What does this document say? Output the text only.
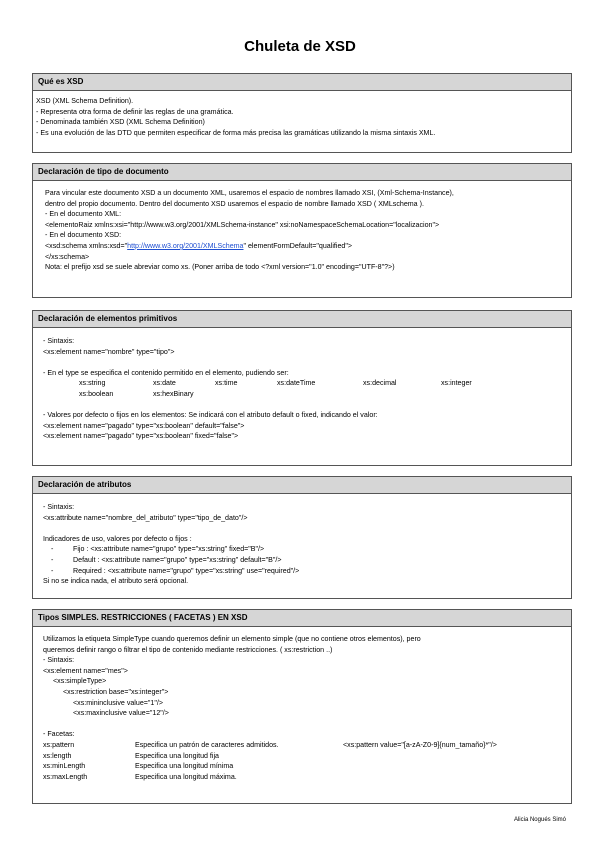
Chuleta de XSD
Qué es XSD
XSD (XML Schema Definition).
- Representa otra forma de definir las reglas de una gramática.
- Denominada también XSD (XML Schema Definition)
- Es una evolución de las DTD que permiten especificar de forma más precisa las gramáticas utilizando la misma sintaxis XML.
Declaración de tipo de documento
Para vincular este documento XSD a un documento XML, usaremos el espacio de nombres llamado XSI, (Xml-Schema-Instance),
dentro del propio documento. Dentro del documento XSD usaremos el espacio de nombre llamado XSD ( XMLschema ).
- En el documento XML:
<elementoRaiz xmlns:xsi="http://www.w3.org/2001/XMLSchema-instance" xsi:noNamespaceSchemaLocation="localizacion">
- En el documento XSD:
<xsd:schema xmlns:xsd="http://www.w3.org/2001/XMLSchema" elementFormDefault="qualified">
</xs:schema>
Nota: el prefijo xsd se suele abreviar como xs. (Poner arriba de todo <?xml version="1.0" encoding="UTF-8"?>)
Declaración de elementos primitivos
- Sintaxis:
<xs:element name="nombre" type="tipo">
- En el type se especifica el contenido permitido en el elemento, pudiendo ser:
xs:string	xs:date	xs:time	xs:dateTime	xs:decimal	xs:integer
xs:boolean	xs:hexBinary
- Valores por defecto o fijos en los elementos: Se indicará con el atributo default o fixed, indicando el valor:
<xs:element name="pagado" type="xs:boolean" default="false">
<xs:element name="pagado" type="xs:boolean" fixed="false">
Declaración de atributos
- Sintaxis:
<xs:attribute name="nombre_del_atributo" type="tipo_de_dato"/>
Indicadores de uso, valores por defecto o fijos :
-	Fijo : <xs:attribute name="grupo" type="xs:string" fixed="B"/>
-	Default : <xs:attribute name="grupo" type="xs:string" default="B"/>
-	Required : <xs:attribute name="grupo" type="xs:string" use="required"/>
Si no se indica nada, el atributo será opcional.
Tipos SIMPLES. RESTRICCIONES ( FACETAS ) EN XSD
Utilizamos la etiqueta SimpleType cuando queremos definir un elemento simple (que no contiene otros elementos), pero
queremos definir rango o filtrar el tipo de contenido mediante restricciones. ( xs:restriction ..)
- Sintaxis:
<xs:element name="mes">
<xs:simpleType>
<xs:restriction base="xs:integer">
<xs:mininclusive value="1"/>
<xs:maxinclusive value="12"/>
- Facetas:
xs:pattern	Especifica un patrón de caracteres admitidos.	<xs:pattern value="[a-zA-Z0-9]{num_tamaño}*"/>
xs:length	Especifica una longitud fija
xs:minLength	Especifica una longitud mínima
xs:maxLength	Especifica una longitud máxima.
Alicia Nogués Simó
